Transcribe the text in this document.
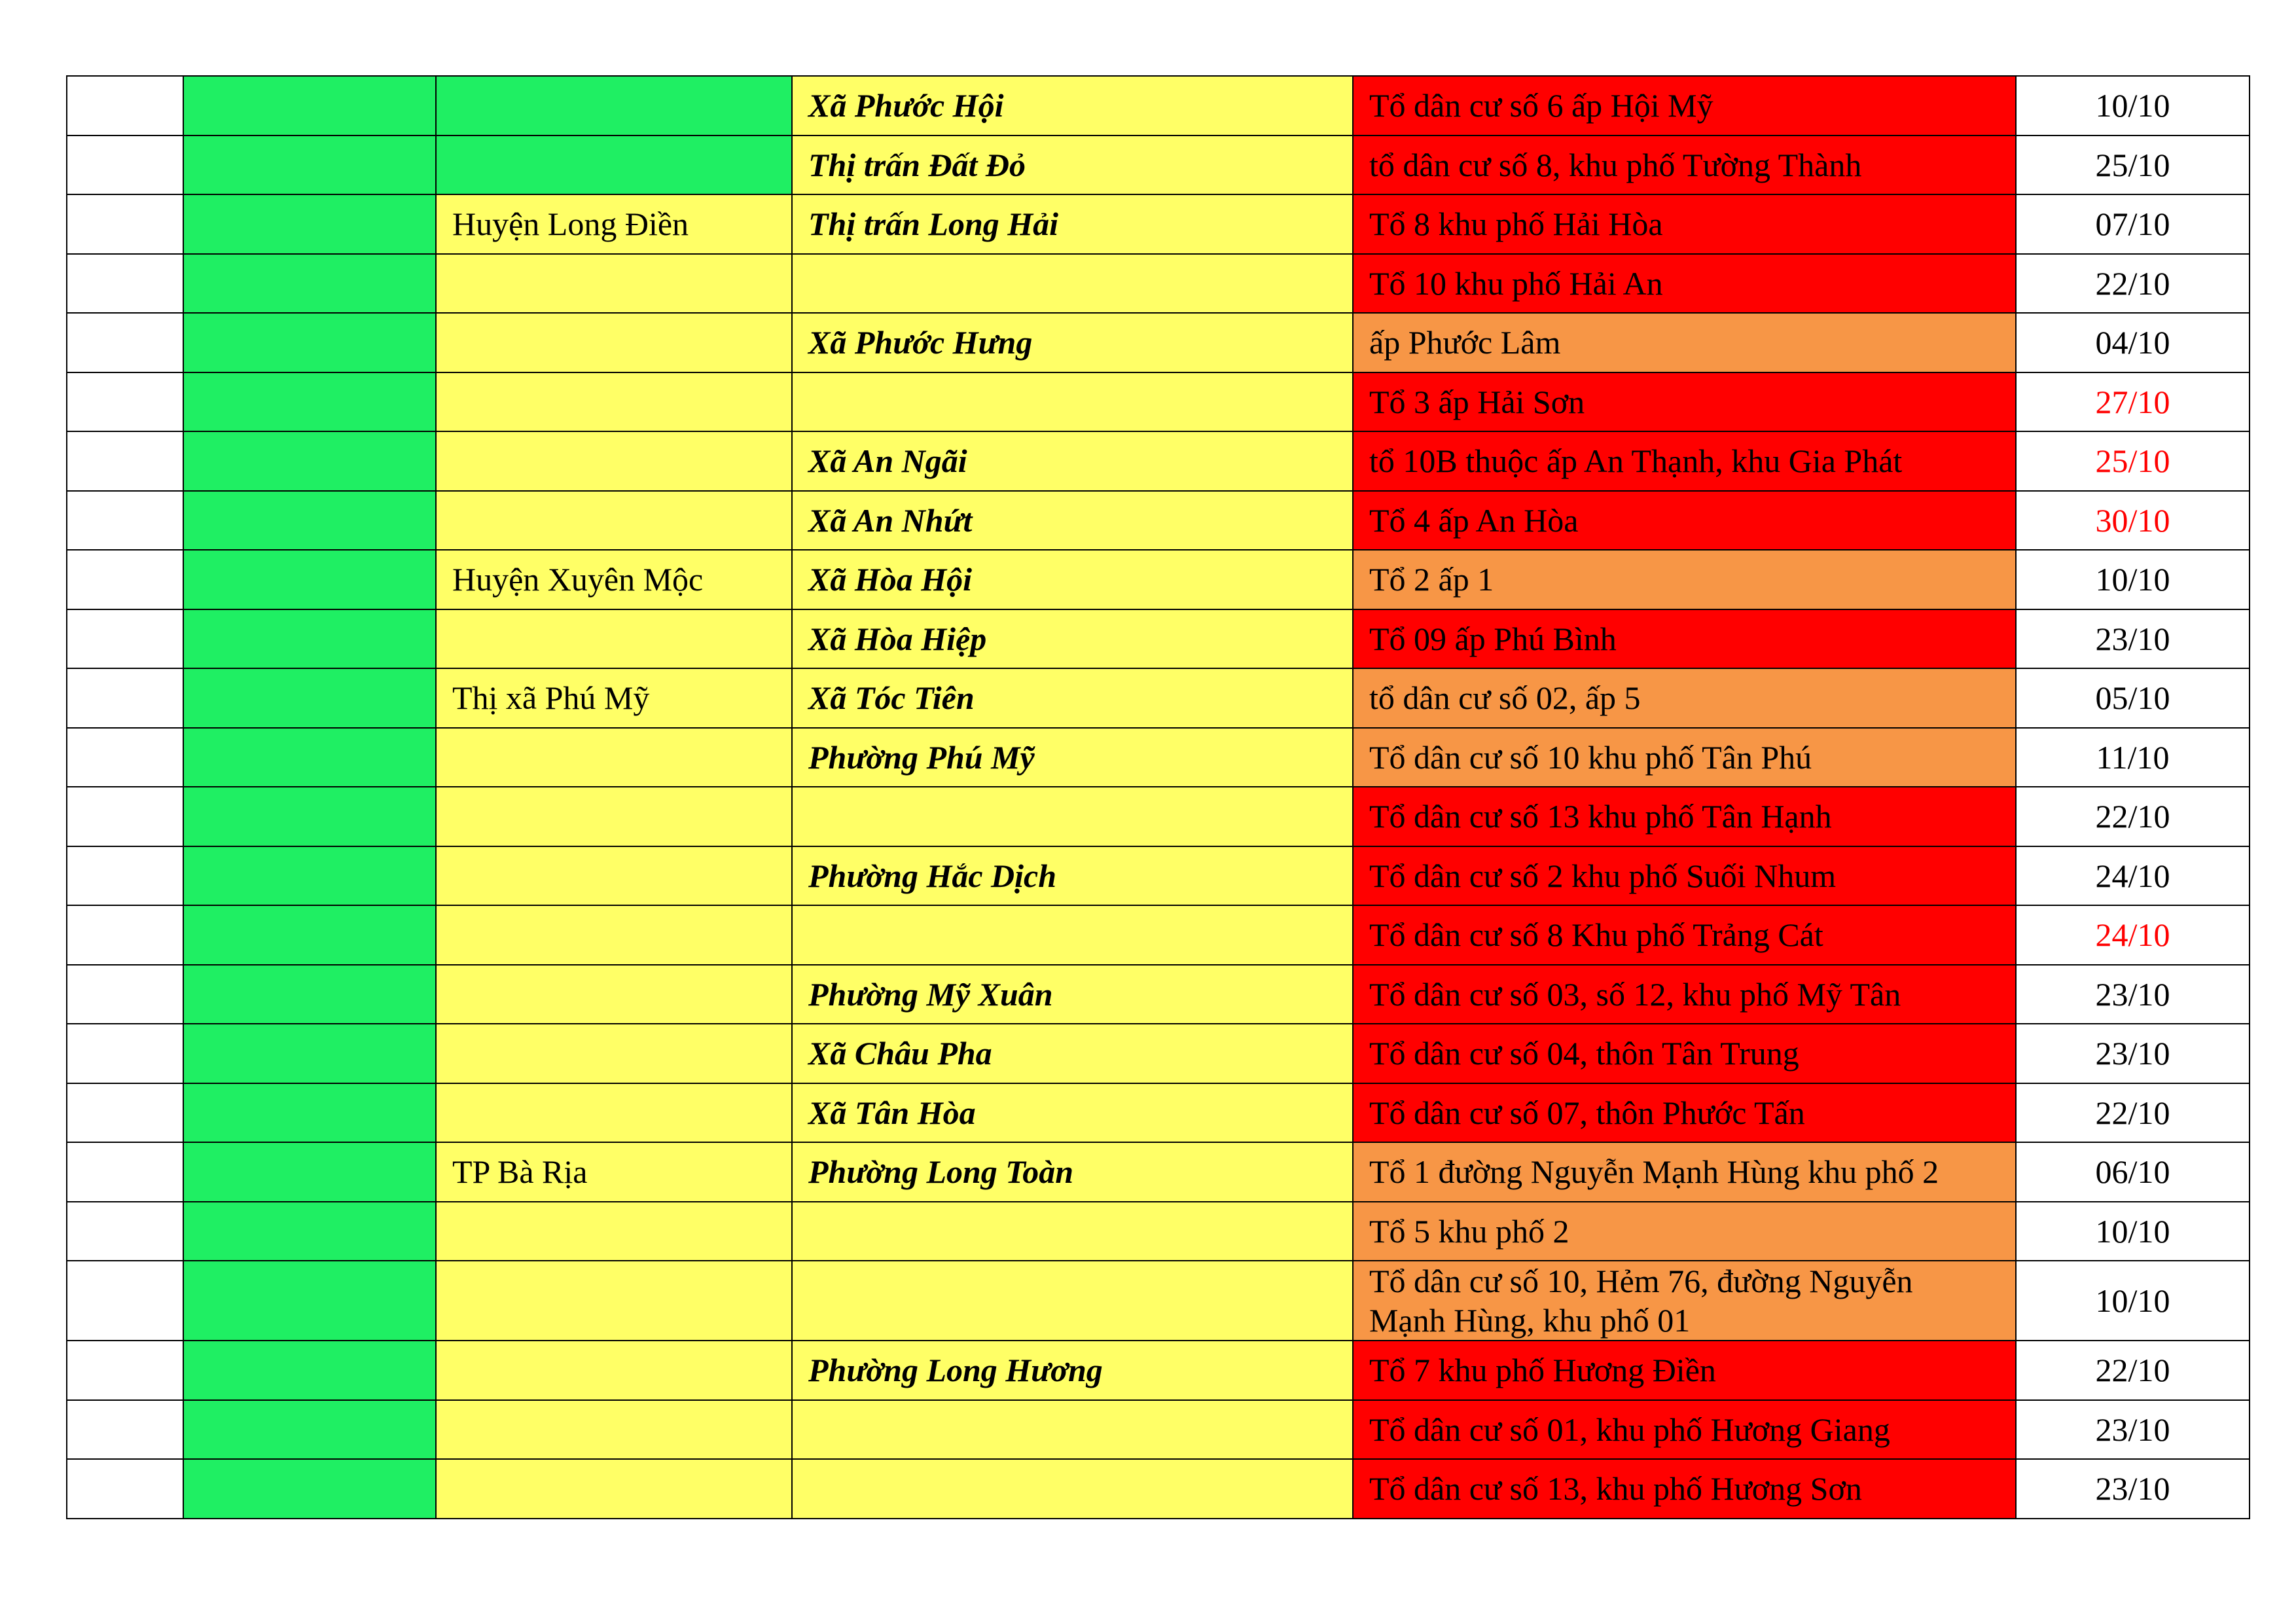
			Xã Phước Hội	Tổ dân cư số 6 ấp Hội Mỹ	10/10
			Thị trấn Đất Đỏ	tổ dân cư số 8, khu phố Tường Thành	25/10
		Huyện Long Điền	Thị trấn Long Hải	Tổ 8 khu phố Hải Hòa	07/10
				Tổ 10 khu phố Hải An	22/10
			Xã Phước Hưng	ấp Phước Lâm	04/10
				Tổ 3 ấp Hải Sơn	27/10
			Xã An Ngãi	tổ 10B thuộc ấp An Thạnh, khu Gia Phát	25/10
			Xã An Nhứt	Tổ 4 ấp An Hòa	30/10
		Huyện Xuyên Mộc	Xã Hòa Hội	Tổ 2 ấp 1	10/10
			Xã Hòa Hiệp	Tổ 09 ấp Phú Bình	23/10
		Thị xã Phú Mỹ	Xã Tóc Tiên	tổ dân cư số 02, ấp 5	05/10
			Phường Phú Mỹ	Tổ dân cư số 10 khu phố Tân Phú	11/10
				Tổ dân cư số 13 khu phố Tân Hạnh	22/10
			Phường Hắc Dịch	Tổ dân cư số 2 khu phố Suối Nhum	24/10
				Tổ dân cư số 8 Khu phố Trảng Cát	24/10
			Phường Mỹ Xuân	Tổ dân cư số 03, số 12, khu phố Mỹ Tân	23/10
			Xã Châu Pha	Tổ dân cư số 04, thôn Tân Trung	23/10
			Xã Tân Hòa	Tổ dân cư số 07, thôn Phước Tấn	22/10
		TP Bà Rịa	Phường Long Toàn	Tổ 1 đường Nguyễn Mạnh Hùng khu phố 2	06/10
				Tổ 5 khu phố 2	10/10
				Tổ dân cư số 10, Hẻm 76, đường Nguyễn
Mạnh Hùng, khu phố 01	10/10
			Phường Long Hương	Tổ 7 khu phố Hương Điền	22/10
				Tổ dân cư số 01, khu phố Hương Giang	23/10
				Tổ dân cư số 13, khu phố Hương Sơn	23/10
